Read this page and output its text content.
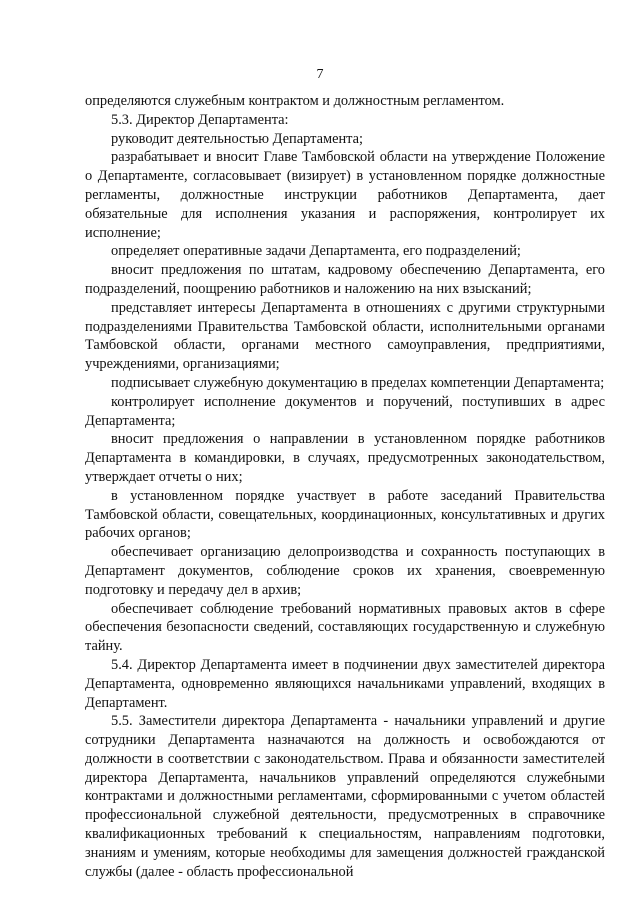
7

определяются служебным контрактом и должностным регламентом.

5.3. Директор Департамента:

руководит деятельностью Департамента;

разрабатывает и вносит Главе Тамбовской области на утверждение Положение о Департаменте, согласовывает (визирует) в установленном порядке должностные регламенты, должностные инструкции работников Департамента, дает обязательные для исполнения указания и распоряжения, контролирует их исполнение;

определяет оперативные задачи Департамента, его подразделений;

вносит предложения по штатам, кадровому обеспечению Департамента, его подразделений, поощрению работников и наложению на них взысканий;

представляет интересы Департамента в отношениях с другими структурными подразделениями Правительства Тамбовской области, исполнительными органами Тамбовской области, органами местного самоуправления, предприятиями, учреждениями, организациями;

подписывает служебную документацию в пределах компетенции Департамента;

контролирует исполнение документов и поручений, поступивших в адрес Департамента;

вносит предложения о направлении в установленном порядке работников Департамента в командировки, в случаях, предусмотренных законодательством, утверждает отчеты о них;

в установленном порядке участвует в работе заседаний Правительства Тамбовской области, совещательных, координационных, консультативных и других рабочих органов;

обеспечивает организацию делопроизводства и сохранность поступающих в Департамент документов, соблюдение сроков их хранения, своевременную подготовку и передачу дел в архив;

обеспечивает соблюдение требований нормативных правовых актов в сфере обеспечения безопасности сведений, составляющих государственную и служебную тайну.

5.4. Директор Департамента имеет в подчинении двух заместителей директора Департамента, одновременно являющихся начальниками управлений, входящих в Департамент.

5.5. Заместители директора Департамента - начальники управлений и другие сотрудники Департамента назначаются на должность и освобождаются от должности в соответствии с законодательством. Права и обязанности заместителей директора Департамента, начальников управлений определяются служебными контрактами и должностными регламентами, сформированными с учетом областей профессиональной служебной деятельности, предусмотренных в справочнике квалификационных требований к специальностям, направлениям подготовки, знаниям и умениям, которые необходимы для замещения должностей гражданской службы (далее - область профессиональной
